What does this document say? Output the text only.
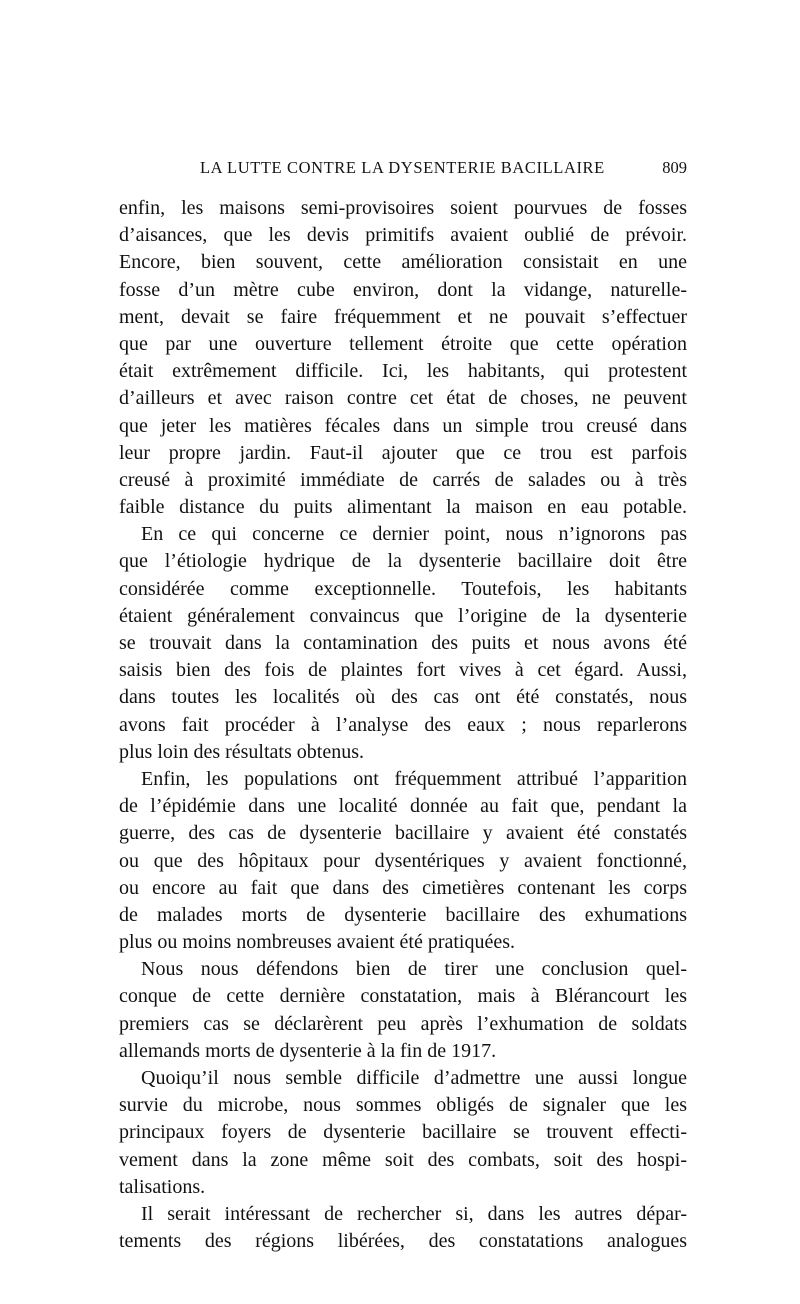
LA LUTTE CONTRE LA DYSENTERIE BACILLAIRE	809
enfin, les maisons semi-provisoires soient pourvues de fosses
d’aisances, que les devis primitifs avaient oublié de prévoir.
Encore, bien souvent, cette amélioration consistait en une
fosse d’un mètre cube environ, dont la vidange, naturelle-
ment, devait se faire fréquemment et ne pouvait s’effectuer
que par une ouverture tellement étroite que cette opération
était extrêmement difficile. Ici, les habitants, qui protestent
d’ailleurs et avec raison contre cet état de choses, ne peuvent
que jeter les matières fécales dans un simple trou creusé dans
leur propre jardin. Faut-il ajouter que ce trou est parfois
creusé à proximité immédiate de carrés de salades ou à très
faible distance du puits alimentant la maison en eau potable.
En ce qui concerne ce dernier point, nous n’ignorons pas
que l’étiologie hydrique de la dysenterie bacillaire doit être
considérée comme exceptionnelle. Toutefois, les habitants
étaient généralement convaincus que l’origine de la dysenterie
se trouvait dans la contamination des puits et nous avons été
saisis bien des fois de plaintes fort vives à cet égard. Aussi,
dans toutes les localités où des cas ont été constatés, nous
avons fait procéder à l’analyse des eaux ; nous reparlerons
plus loin des résultats obtenus.
Enfin, les populations ont fréquemment attribué l’apparition
de l’épidémie dans une localité donnée au fait que, pendant la
guerre, des cas de dysenterie bacillaire y avaient été constatés
ou que des hôpitaux pour dysentériques y avaient fonctionné,
ou encore au fait que dans des cimetières contenant les corps
de malades morts de dysenterie bacillaire des exhumations
plus ou moins nombreuses avaient été pratiquées.
Nous nous défendons bien de tirer une conclusion quel-
conque de cette dernière constatation, mais à Blérancourt les
premiers cas se déclarèrent peu après l’exhumation de soldats
allemands morts de dysenterie à la fin de 1917.
Quoiqu’il nous semble difficile d’admettre une aussi longue
survie du microbe, nous sommes obligés de signaler que les
principaux foyers de dysenterie bacillaire se trouvent effecti-
vement dans la zone même soit des combats, soit des hospi-
talisations.
Il serait intéressant de rechercher si, dans les autres dépar-
tements des régions libérées, des constatations analogues
